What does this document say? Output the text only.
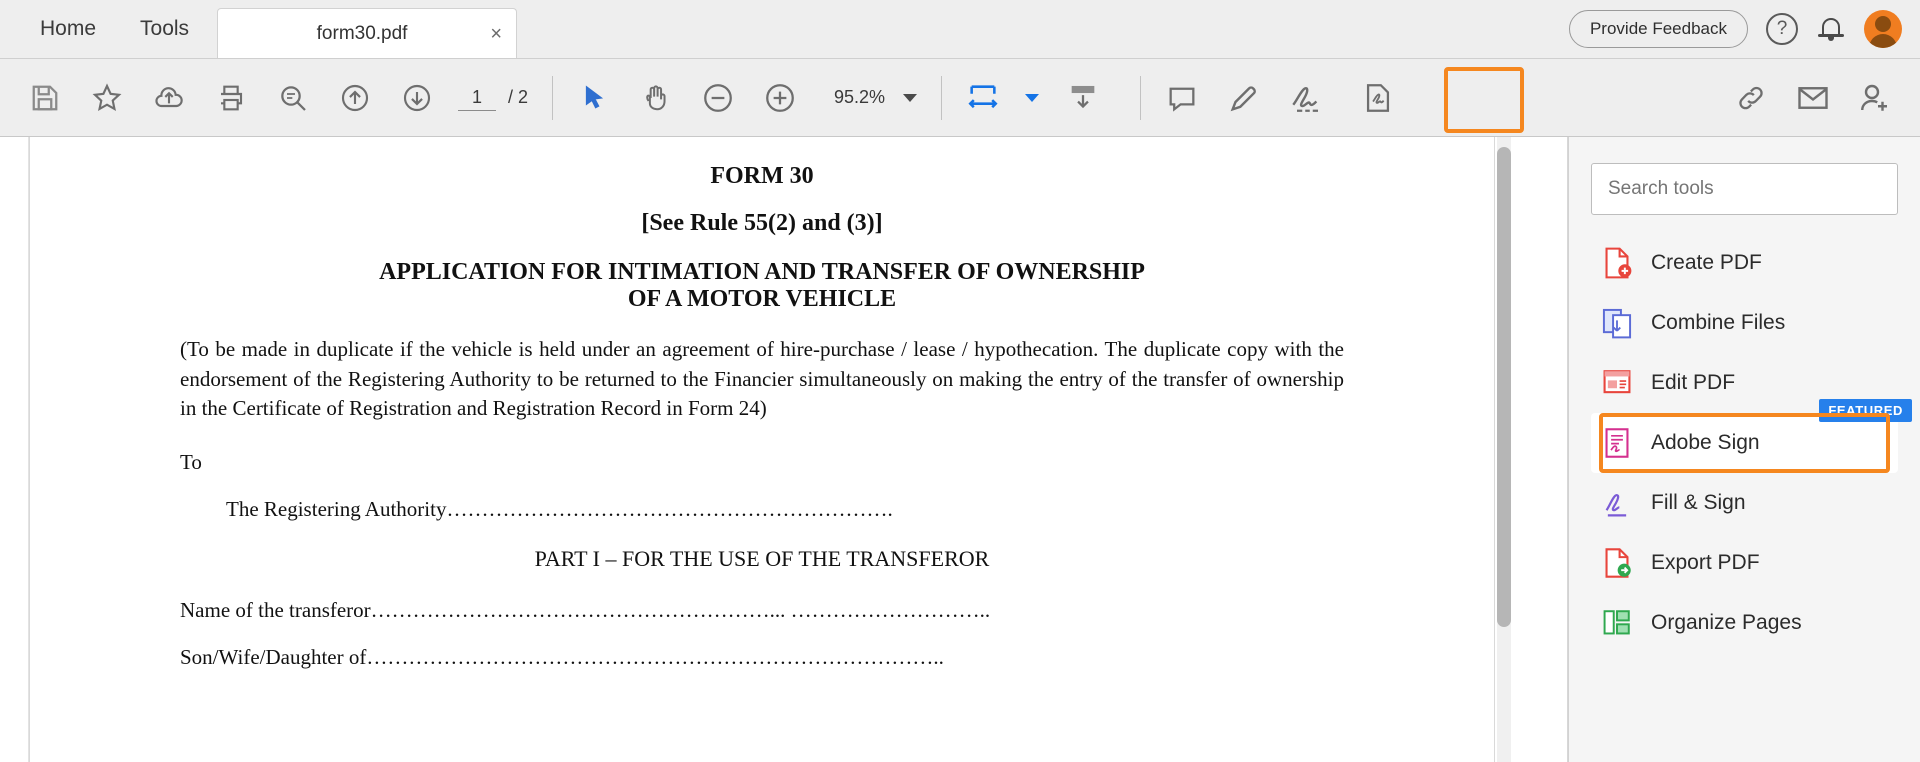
Home	Tools	form30.pdf	×	Provide Feedback	?
1
/ 2	95.2%
FORM 30
[See Rule 55(2) and (3)]
APPLICATION FOR INTIMATION AND TRANSFER OF OWNERSHIP
OF A MOTOR VEHICLE
(To be made in duplicate if the vehicle is held under an agreement of hire-purchase / lease / hypothecation. The duplicate copy with the endorsement of the Registering Authority to be returned to the Financier simultaneously on making the entry of the transfer of ownership in the Certificate of Registration and Registration Record in Form 24)
To
The Registering Authority……………………………………………………….
PART I – FOR THE USE OF THE TRANSFEROR
Name of the transferor…………………………………………………... ………………………..
Son/Wife/Daughter of………………………………………………………………………..
Search tools
Create PDF
Combine Files
Edit PDF
Adobe Sign
FEATURED
Fill & Sign
Export PDF
Organize Pages
